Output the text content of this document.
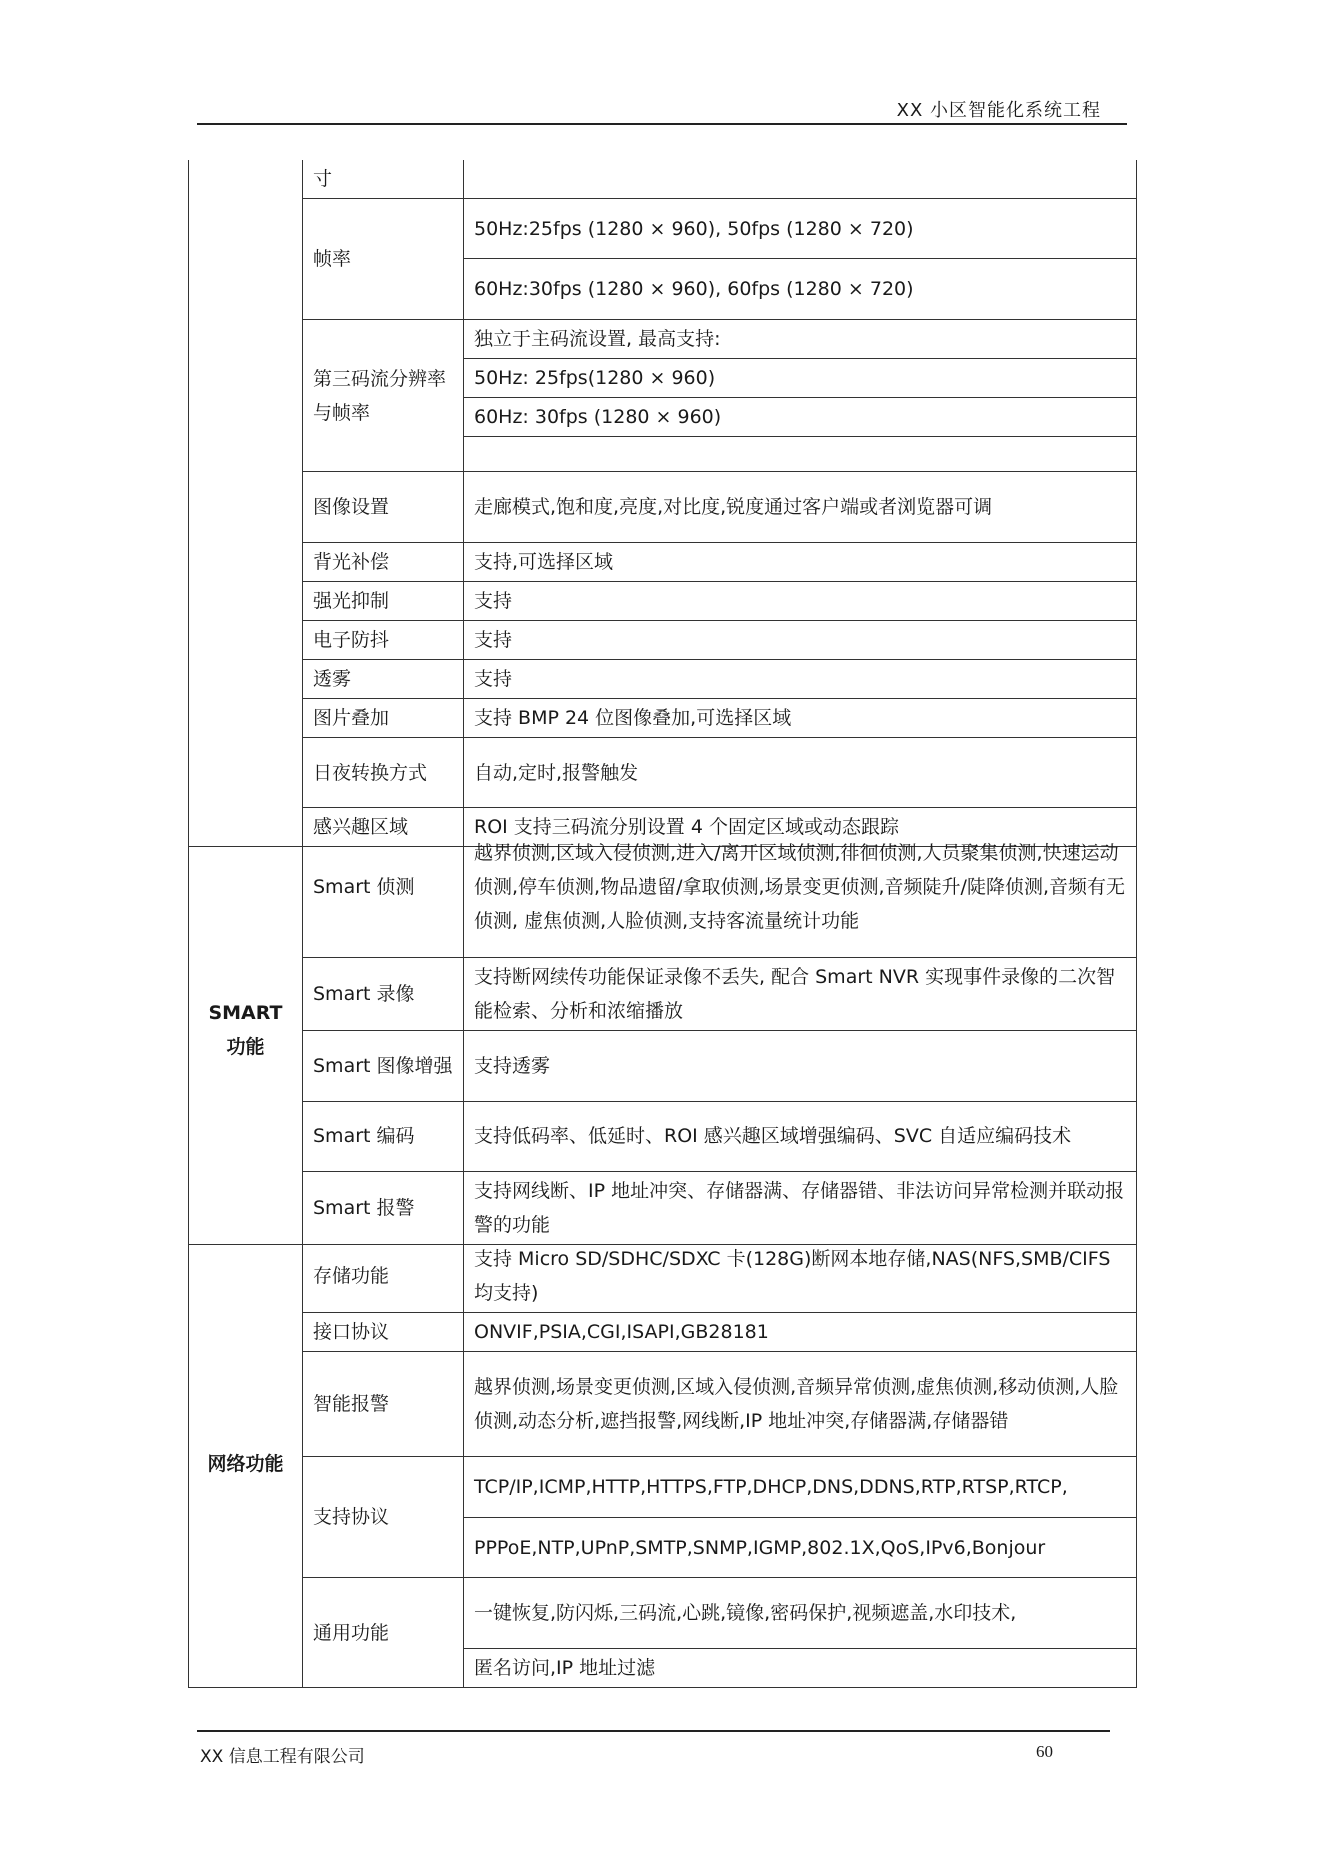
XX 小区智能化系统工程
	寸	
	帧率	50Hz:25fps (1280 × 960), 50fps (1280 × 720)
		60Hz:30fps (1280 × 960), 60fps (1280 × 720)
	第三码流分辨率与帧率	独立于主码流设置, 最高支持:
		50Hz: 25fps(1280 × 960)
		60Hz: 30fps (1280 × 960)

	图像设置	走廊模式,饱和度,亮度,对比度,锐度通过客户端或者浏览器可调
	背光补偿	支持,可选择区域
	强光抑制	支持
	电子防抖	支持
	透雾	支持
	图片叠加	支持 BMP 24 位图像叠加,可选择区域
	日夜转换方式	自动,定时,报警触发
	感兴趣区域	ROI 支持三码流分别设置 4 个固定区域或动态跟踪
SMART 功能	Smart 侦测	越界侦测,区域入侵侦测,进入/离开区域侦测,徘徊侦测,人员聚集侦测,快速运动侦测,停车侦测,物品遗留/拿取侦测,场景变更侦测,音频陡升/陡降侦测,音频有无侦测, 虚焦侦测,人脸侦测,支持客流量统计功能
	Smart 录像	支持断网续传功能保证录像不丢失, 配合 Smart NVR 实现事件录像的二次智能检索、分析和浓缩播放
	Smart 图像增强	支持透雾
	Smart 编码	支持低码率、低延时、ROI 感兴趣区域增强编码、SVC 自适应编码技术
	Smart 报警	支持网线断、IP 地址冲突、存储器满、存储器错、非法访问异常检测并联动报警的功能
网络功能	存储功能	支持 Micro SD/SDHC/SDXC 卡(128G)断网本地存储,NAS(NFS,SMB/CIFS 均支持)
	接口协议	ONVIF,PSIA,CGI,ISAPI,GB28181
	智能报警	越界侦测,场景变更侦测,区域入侵侦测,音频异常侦测,虚焦侦测,移动侦测,人脸侦测,动态分析,遮挡报警,网线断,IP 地址冲突,存储器满,存储器错
	支持协议	TCP/IP,ICMP,HTTP,HTTPS,FTP,DHCP,DNS,DDNS,RTP,RTSP,RTCP,
		PPPoE,NTP,UPnP,SMTP,SNMP,IGMP,802.1X,QoS,IPv6,Bonjour
	通用功能	一键恢复,防闪烁,三码流,心跳,镜像,密码保护,视频遮盖,水印技术,
		匿名访问,IP 地址过滤
XX 信息工程有限公司	60
